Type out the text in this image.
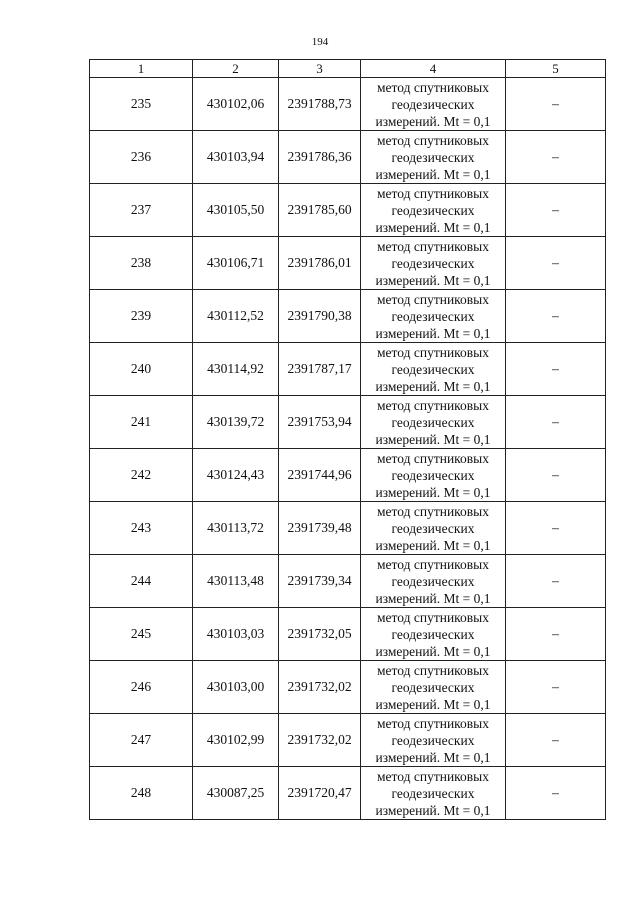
194
1	2	3	4	5
235	430102,06	2391788,73	метод спутниковых
геодезических
измерений. Mt = 0,1	–
236	430103,94	2391786,36	метод спутниковых
геодезических
измерений. Mt = 0,1	–
237	430105,50	2391785,60	метод спутниковых
геодезических
измерений. Mt = 0,1	–
238	430106,71	2391786,01	метод спутниковых
геодезических
измерений. Mt = 0,1	–
239	430112,52	2391790,38	метод спутниковых
геодезических
измерений. Mt = 0,1	–
240	430114,92	2391787,17	метод спутниковых
геодезических
измерений. Mt = 0,1	–
241	430139,72	2391753,94	метод спутниковых
геодезических
измерений. Mt = 0,1	–
242	430124,43	2391744,96	метод спутниковых
геодезических
измерений. Mt = 0,1	–
243	430113,72	2391739,48	метод спутниковых
геодезических
измерений. Mt = 0,1	–
244	430113,48	2391739,34	метод спутниковых
геодезических
измерений. Mt = 0,1	–
245	430103,03	2391732,05	метод спутниковых
геодезических
измерений. Mt = 0,1	–
246	430103,00	2391732,02	метод спутниковых
геодезических
измерений. Mt = 0,1	–
247	430102,99	2391732,02	метод спутниковых
геодезических
измерений. Mt = 0,1	–
248	430087,25	2391720,47	метод спутниковых
геодезических
измерений. Mt = 0,1	–
